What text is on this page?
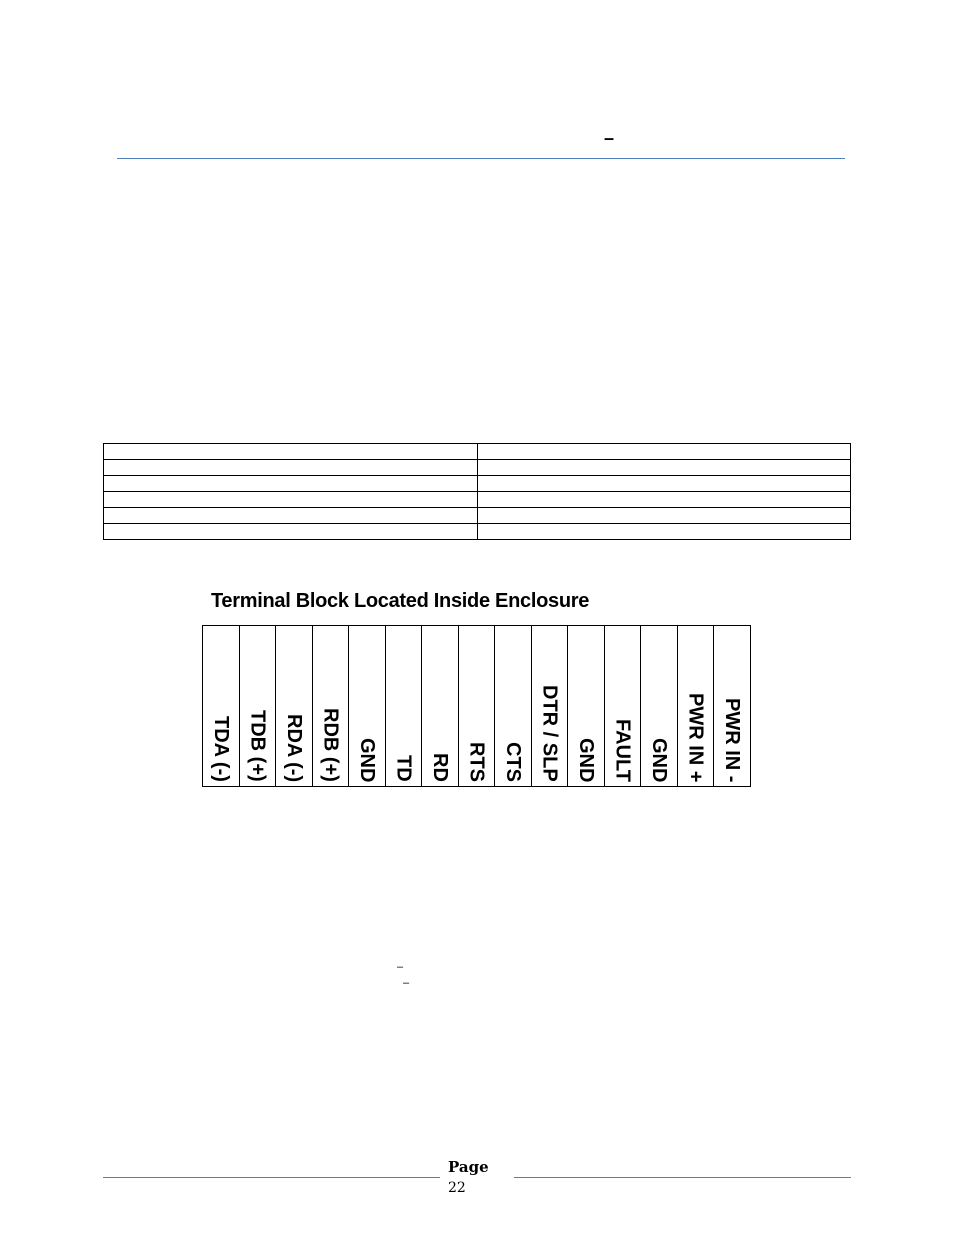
–

Terminal Block Located Inside Enclosure
TDA (-) TDB (+) RDA (-) RDB (+) GND TD RD RTS CTS DTR / SLP GND FAULT GND PWR IN + PWR IN -
–
–
Page
22
